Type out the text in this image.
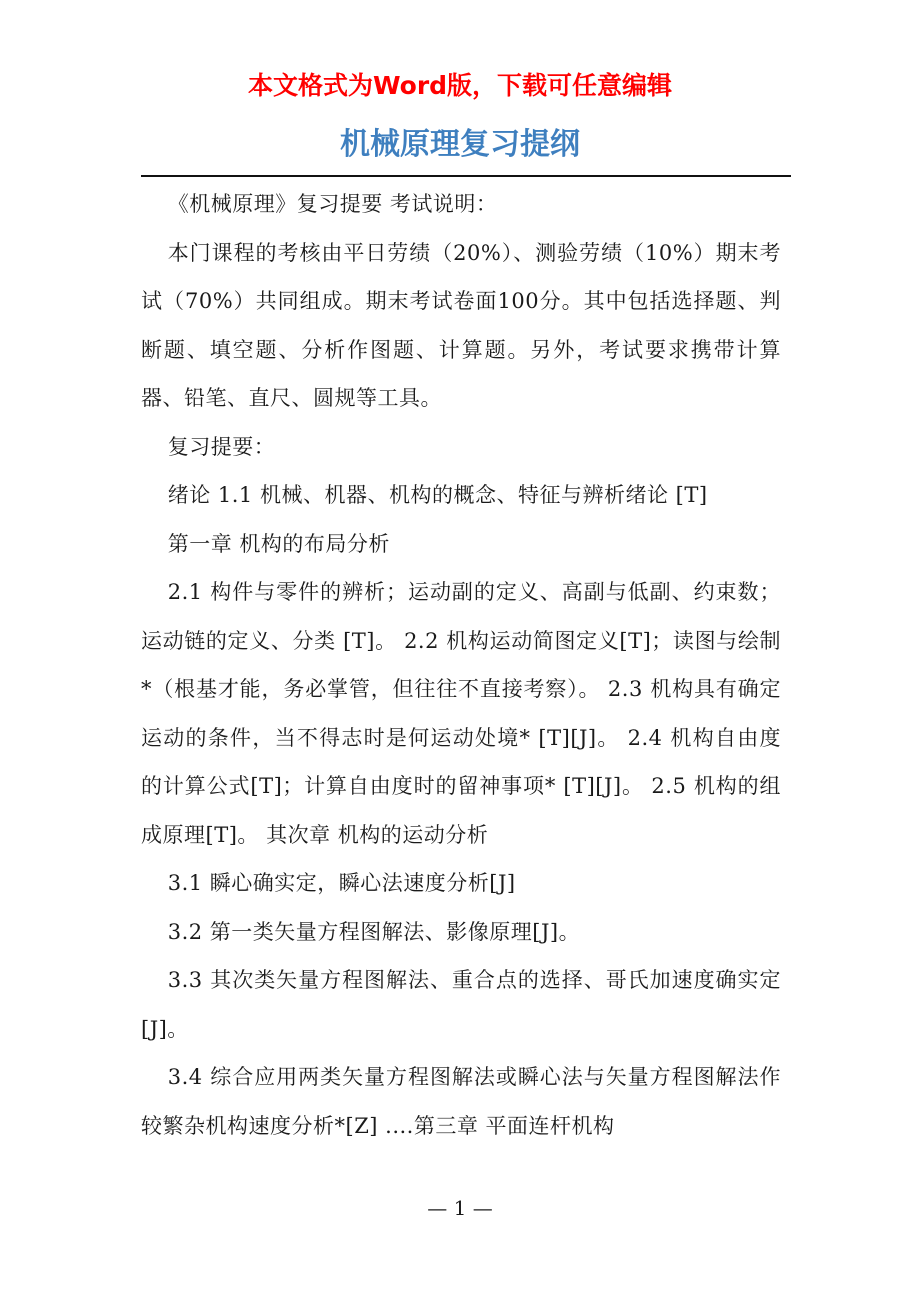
本文格式为Word版，下载可任意编辑
机械原理复习提纲

《机械原理》复习提要 考试说明：

本门课程的考核由平日劳绩（20%）、测验劳绩（10%）期末考试（70%）共同组成。期末考试卷面100分。其中包括选择题、判断题、填空题、分析作图题、计算题。另外，考试要求携带计算器、铅笔、直尺、圆规等工具。

复习提要：

绪论 1.1 机械、机器、机构的概念、特征与辨析绪论 [T]

第一章 机构的布局分析

2.1 构件与零件的辨析；运动副的定义、高副与低副、约束数；运动链的定义、分类 [T]。 2.2 机构运动简图定义[T]；读图与绘制*（根基才能，务必掌管，但往往不直接考察）。 2.3 机构具有确定运动的条件，当不得志时是何运动处境* [T][J]。 2.4 机构自由度的计算公式[T]；计算自由度时的留神事项* [T][J]。 2.5 机构的组成原理[T]。 其次章 机构的运动分析

3.1 瞬心确实定，瞬心法速度分析[J]

3.2 第一类矢量方程图解法、影像原理[J]。

3.3 其次类矢量方程图解法、重合点的选择、哥氏加速度确实定[J]。

3.4 综合应用两类矢量方程图解法或瞬心法与矢量方程图解法作较繁杂机构速度分析*[Z] ....第三章 平面连杆机构

— 1 —
